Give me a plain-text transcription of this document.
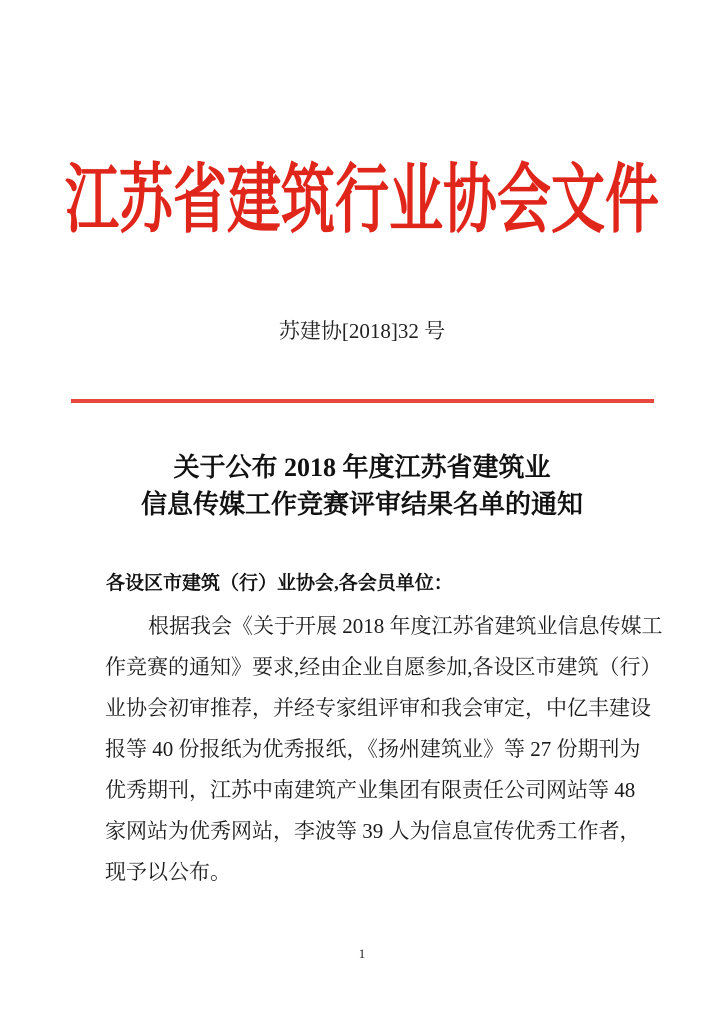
江苏省建筑行业协会文件
苏建协[2018]32 号
关于公布 2018 年度江苏省建筑业
信息传媒工作竞赛评审结果名单的通知
各设区市建筑（行）业协会,各会员单位：
根据我会《关于开展 2018 年度江苏省建筑业信息传媒工
作竞赛的通知》要求,经由企业自愿参加,各设区市建筑（行）
业协会初审推荐，并经专家组评审和我会审定，中亿丰建设
报等 40 份报纸为优秀报纸，《扬州建筑业》等 27 份期刊为
优秀期刊，江苏中南建筑产业集团有限责任公司网站等 48
家网站为优秀网站，李波等 39 人为信息宣传优秀工作者，
现予以公布。
1
